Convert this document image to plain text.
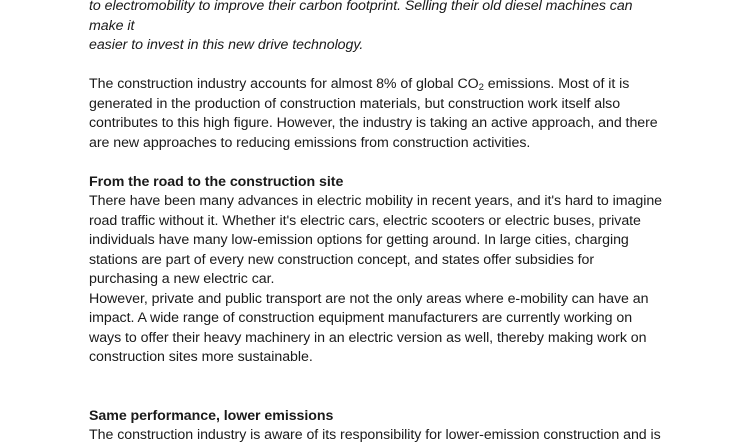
to electromobility to improve their carbon footprint. Selling their old diesel machines can make it

easier to invest in this new drive technology.

The construction industry accounts for almost 8% of global $CO_2$ emissions. Most of it is

generated in the production of construction materials, but construction work itself also

contributes to this high figure. However, the industry is taking an active approach, and there

are new approaches to reducing emissions from construction activities.

From the road to the construction site

There have been many advances in electric mobility in recent years, and it's hard to imagine

road traffic without it. Whether it's electric cars, electric scooters or electric buses, private

individuals have many low-emission options for getting around. In large cities, charging

stations are part of every new construction concept, and states offer subsidies for

purchasing a new electric car.

However, private and public transport are not the only areas where e-mobility can have an

impact. A wide range of construction equipment manufacturers are currently working on

ways to offer their heavy machinery in an electric version as well, thereby making work on

construction sites more sustainable.

Same performance, lower emissions

The construction industry is aware of its responsibility for lower-emission construction and is
